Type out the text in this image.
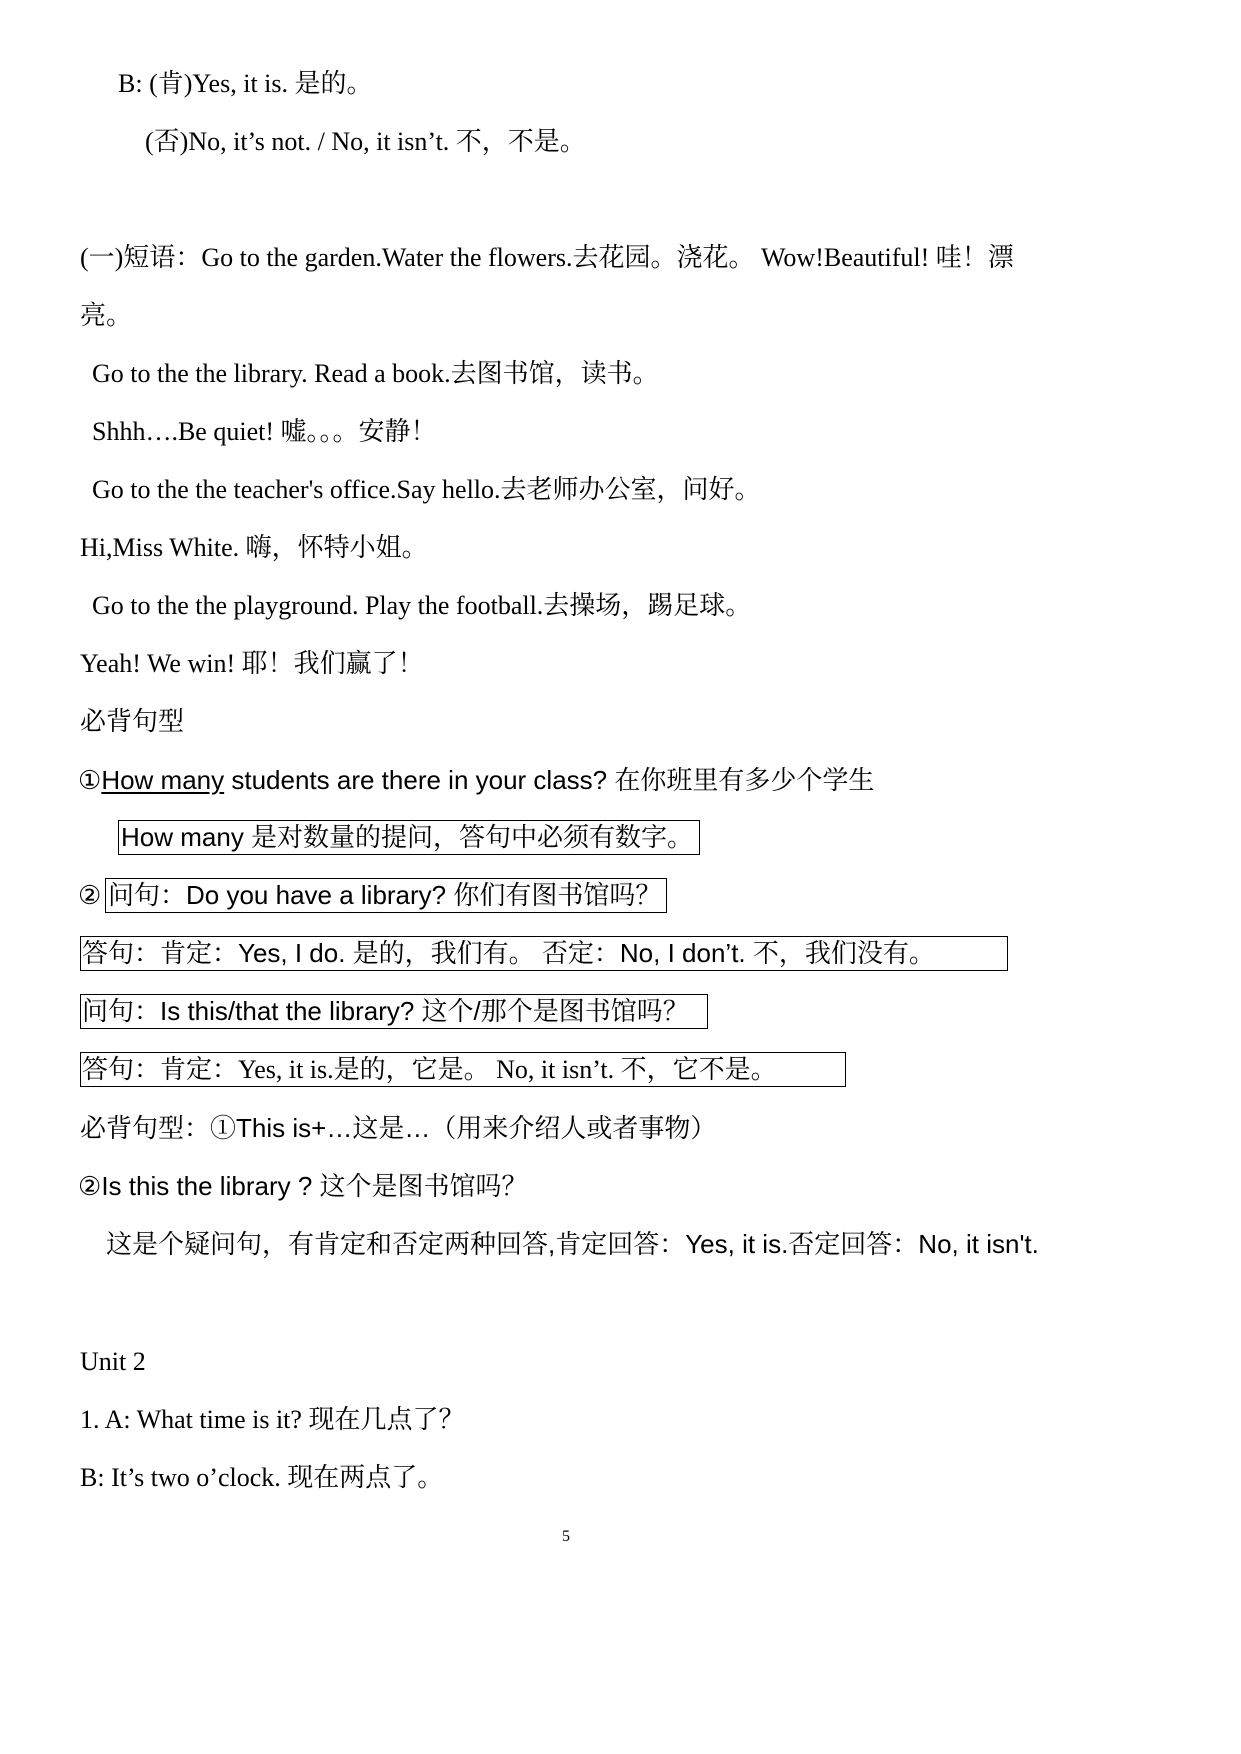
B: (肯)Yes, it is. 是的。
(否)No, it’s not. / No, it isn’t. 不，不是。
(一)短语：Go to the garden.Water the flowers.去花园。浇花。 Wow!Beautiful! 哇！漂
亮。
Go to the the library. Read a book.去图书馆，读书。
Shhh….Be quiet! 嘘。。。安静！
Go to the the teacher's office.Say hello.去老师办公室，问好。
Hi,Miss White. 嗨，怀特小姐。
Go to the the playground. Play the football.去操场，踢足球。
Yeah! We win! 耶！我们赢了！
必背句型
①How many students are there in your class? 在你班里有多少个学生
How many 是对数量的提问，答句中必须有数字。
② 问句：Do you have a library? 你们有图书馆吗？
答句：肯定：Yes, I do. 是的，我们有。 否定：No, I don’t. 不，我们没有。
问句：Is this/that the library? 这个/那个是图书馆吗？
答句：肯定：Yes, it is.是的，它是。 No, it isn’t. 不，它不是。
必背句型：①This is+…这是…（用来介绍人或者事物）
②Is this the library ? 这个是图书馆吗？
这是个疑问句，有肯定和否定两种回答,肯定回答：Yes, it is.否定回答：No, it isn't.
Unit 2
1. A: What time is it? 现在几点了？
B: It’s two o’clock. 现在两点了。
5
